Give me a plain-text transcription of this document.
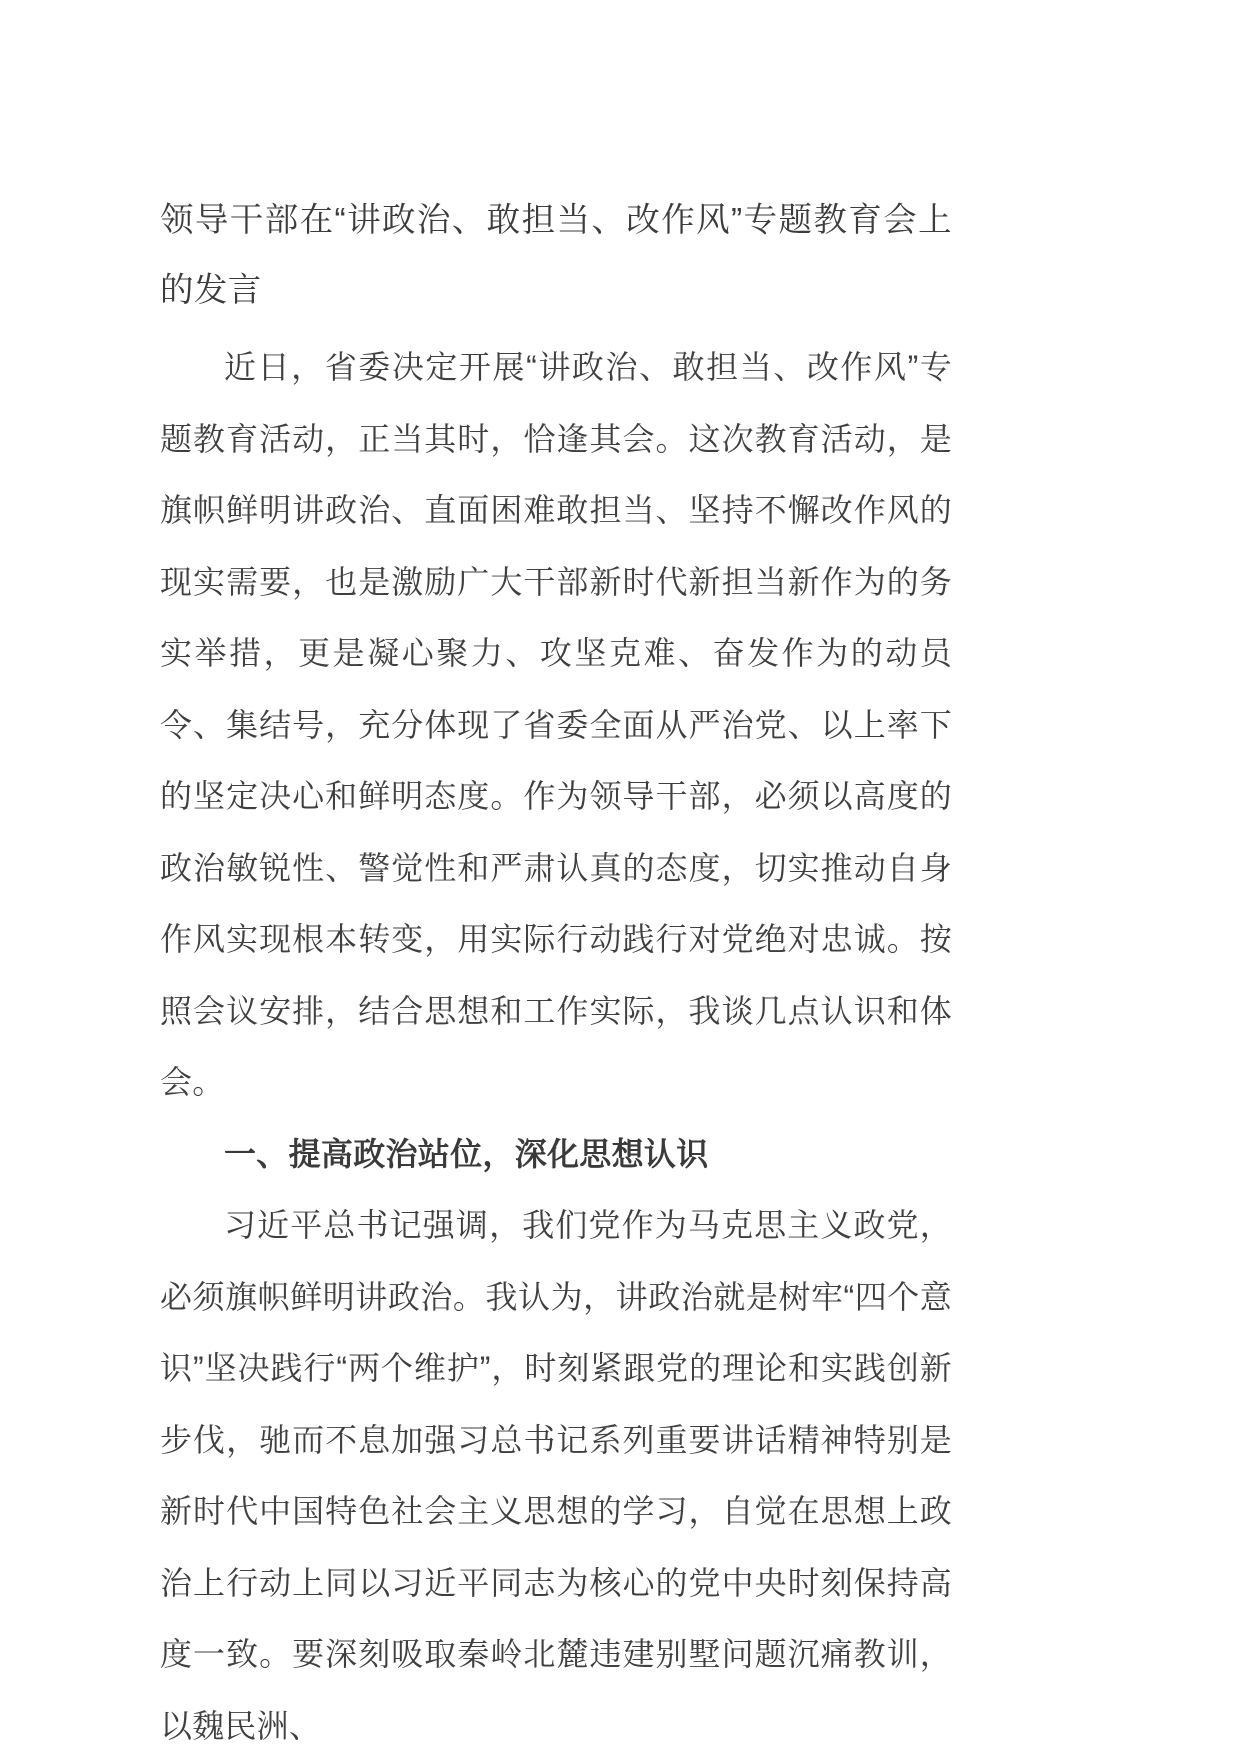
领导干部在“讲政治、敢担当、改作风”专题教育会上的发言

近日，省委决定开展“讲政治、敢担当、改作风”专题教育活动，正当其时，恰逢其会。这次教育活动，是旗帜鲜明讲政治、直面困难敢担当、坚持不懈改作风的现实需要，也是激励广大干部新时代新担当新作为的务实举措，更是凝心聚力、攻坚克难、奋发作为的动员令、集结号，充分体现了省委全面从严治党、以上率下的坚定决心和鲜明态度。作为领导干部，必须以高度的政治敏锐性、警觉性和严肃认真的态度，切实推动自身作风实现根本转变，用实际行动践行对党绝对忠诚。按照会议安排，结合思想和工作实际，我谈几点认识和体会。

一、提高政治站位，深化思想认识

习近平总书记强调，我们党作为马克思主义政党，必须旗帜鲜明讲政治。我认为，讲政治就是树牢“四个意识”坚决践行“两个维护”，时刻紧跟党的理论和实践创新步伐，驰而不息加强习总书记系列重要讲话精神特别是新时代中国特色社会主义思想的学习，自觉在思想上政治上行动上同以习近平同志为核心的党中央时刻保持高度一致。要深刻吸取秦岭北麓违建别墅问题沉痛教训，以魏民洲、
